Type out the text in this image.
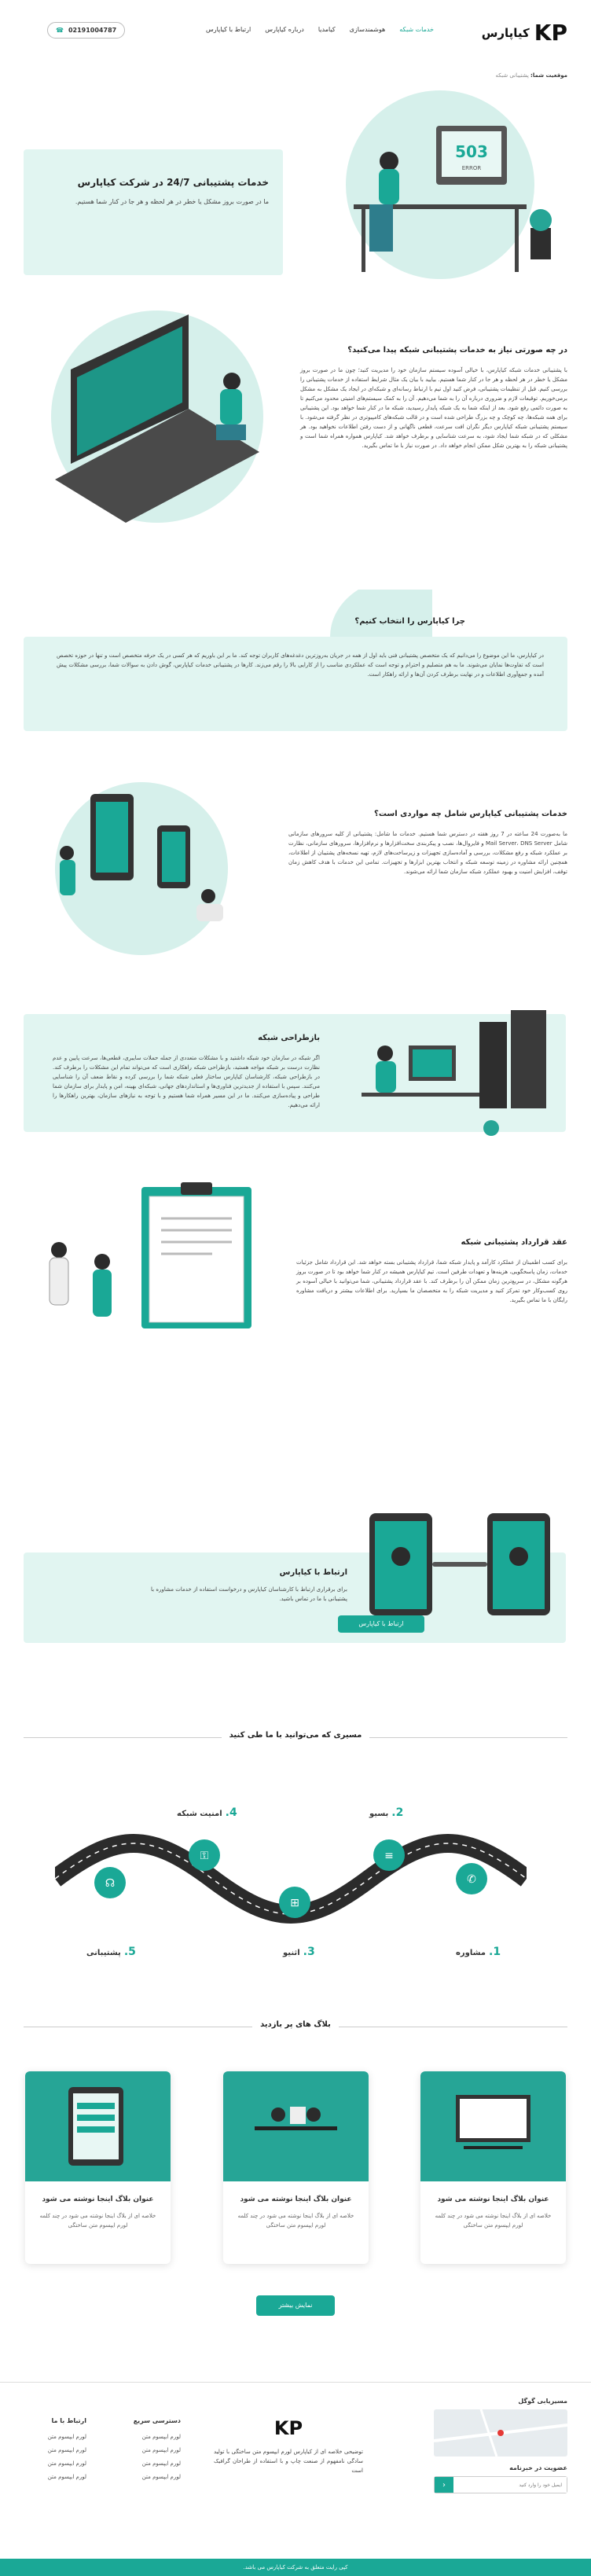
KP
کیاپارس
خدمات شبکه
هوشمندسازی
کیامدیا
درباره کیاپارس
ارتباط با کیاپارس
☎ 02191004787
موقعیت شما: پشتیبانی شبکه
خدمات پشتیبانی 24/7 در شرکت کیاپارس

ما در صورت بروز مشکل یا خطر در هر لحظه و هر جا در کنار شما هستیم.

503
ERROR
در چه صورتی نیاز به خدمات پشتیبانی شبکه پیدا می‌کنید؟

با پشتیبانی خدمات شبکه کیاپارس، با خیالی آسوده سیستم سازمان خود را مدیریت کنید؛ چون ما در صورت بروز مشکل یا خطر در هر لحظه و هر جا در کنار شما هستیم. بیایید با بیان یک مثال شرایط استفاده از خدمات پشتیبانی را بررسی کنیم. قبل از تنظیمات پشتیبانی، فرض کنید اول تیم با ارتباط رسانه‌ای و شبکه‌ای در ایجاد یک مشکل به مشکل برمی‌خوریم. توقیعات لازم و ضروری درباره آن را به شما می‌دهیم. آن را به کمک سیستم‌های امنیتی محدود می‌کنیم تا به صورت دائمی رفع شود. بعد از اینکه شما به یک شبکه پایدار رسیدید، شبکه ما در کنار شما خواهد بود. این پشتیبانی برای همه شبکه‌ها، چه کوچک و چه بزرگ طراحی شده است و در قالب شبکه‌های کامپیوتری در نظر گرفته می‌شود. با سیستم پشتیبانی شبکه کیاپارس دیگر نگران افت سرعت، قطعی ناگهانی و از دست رفتن اطلاعات نخواهید بود. هر مشکلی که در شبکه شما ایجاد شود، به سرعت شناسایی و برطرف خواهد شد. کیاپارس همواره همراه شما است و پشتیبانی شبکه را به بهترین شکل ممکن انجام خواهد داد. در صورت نیاز با ما تماس بگیرید.

چرا کیاپارس را انتخاب کنیم؟

در کیاپارس، ما این موضوع را می‌دانیم که یک متخصص پشتیبانی فنی باید اول از همه در جریان به‌روزترین دغدغه‌های کاربران توجه کند. ما بر این باوریم که هر کسی در یک حرفه متخصص است و تنها در حوزه تخصص است که تفاوت‌ها نمایان می‌شوند. ما به هم متصلیم و احترام و توجه است که عملکردی مناسب را از کارایی بالا را رقم می‌زند. کارها در پشتیبانی خدمات کیاپارس، گوش دادن به سوالات شما، بررسی مشکلات پیش آمده و جمع‌آوری اطلاعات و در نهایت برطرف کردن آن‌ها و ارائه راهکار است.

خدمات پشتیبانی کیاپارس شامل چه مواردی است؟

ما به‌صورت 24 ساعته در 7 روز هفته در دسترس شما هستیم. خدمات ما شامل: پشتیبانی از کلیه سرورهای سازمانی شامل Mail Server، DNS Server و فایروال‌ها، نصب و پیکربندی سخت‌افزارها و نرم‌افزارها، سرورهای سازمانی، نظارت بر عملکرد شبکه و رفع مشکلات، بررسی و آماده‌سازی تجهیزات و زیرساخت‌های لازم، تهیه نسخه‌های پشتیبان از اطلاعات، همچنین ارائه مشاوره در زمینه توسعه شبکه و انتخاب بهترین ابزارها و تجهیزات. تمامی این خدمات با هدف کاهش زمان توقف، افزایش امنیت و بهبود عملکرد شبکه سازمان شما ارائه می‌شوند.

بازطراحی شبکه

اگر شبکه در سازمان خود شبکه داشتید و با مشکلات متعددی از جمله حملات سایبری، قطعی‌ها، سرعت پایین و عدم نظارت درست بر شبکه مواجه هستید، بازطراحی شبکه راهکاری است که می‌تواند تمام این مشکلات را برطرف کند. در بازطراحی شبکه، کارشناسان کیاپارس ساختار فعلی شبکه شما را بررسی کرده و نقاط ضعف آن را شناسایی می‌کنند. سپس با استفاده از جدیدترین فناوری‌ها و استانداردهای جهانی، شبکه‌ای بهینه، امن و پایدار برای سازمان شما طراحی و پیاده‌سازی می‌کنند. ما در این مسیر همراه شما هستیم و با توجه به نیازهای سازمان، بهترین راهکارها را ارائه می‌دهیم.

عقد قرارداد پشتیبانی شبکه

برای کسب اطمینان از عملکرد کارآمد و پایدار شبکه شما، قرارداد پشتیبانی بسته خواهد شد. این قرارداد شامل جزئیات خدمات، زمان پاسخگویی، هزینه‌ها و تعهدات طرفین است. تیم کیاپارس همیشه در کنار شما خواهد بود تا در صورت بروز هرگونه مشکل، در سریع‌ترین زمان ممکن آن را برطرف کند. با عقد قرارداد پشتیبانی، شما می‌توانید با خیالی آسوده بر روی کسب‌وکار خود تمرکز کنید و مدیریت شبکه را به متخصصان ما بسپارید. برای اطلاعات بیشتر و دریافت مشاوره رایگان با ما تماس بگیرید.

ارتباط با کیاپارس

برای برقراری ارتباط با کارشناسان کیاپارس و درخواست استفاده از خدمات مشاوره با پشتیبانی با ما در تماس باشید.

ارتباط با کیاپارس
مسیری که می‌توانید با ما طی کنید
✆
≡
⊞
⚿
☊
1.
مشاوره
2.
بسیو
3.
اثنیو
4.
امنیت شبکه
5.
پشتیبانی
بلاگ های پر بازدید
عنوان بلاگ اینجا نوشته می شود

خلاصه ای از بلاگ اینجا نوشته می شود در چند کلمه لورم ایپسوم متن ساختگی

عنوان بلاگ اینجا نوشته می شود

خلاصه ای از بلاگ اینجا نوشته می شود در چند کلمه لورم ایپسوم متن ساختگی

عنوان بلاگ اینجا نوشته می شود

خلاصه ای از بلاگ اینجا نوشته می شود در چند کلمه لورم ایپسوم متن ساختگی

نمایش بیشتر
مسیریابی گوگل
عضویت در خبرنامه
ایمیل خود را وارد کنید
‹
KP

توضیحی خلاصه ای از کیاپارس لورم ایپسوم متن ساختگی با تولید سادگی نامفهوم از صنعت چاپ و با استفاده از طراحان گرافیک است

دسترسی سریع
لورم ایپسوم متن
لورم ایپسوم متن
لورم ایپسوم متن
لورم ایپسوم متن
ارتباط با ما
لورم ایپسوم متن
لورم ایپسوم متن
لورم ایپسوم متن
لورم ایپسوم متن
کپی رایت متعلق به شرکت کیاپارس می باشد.
